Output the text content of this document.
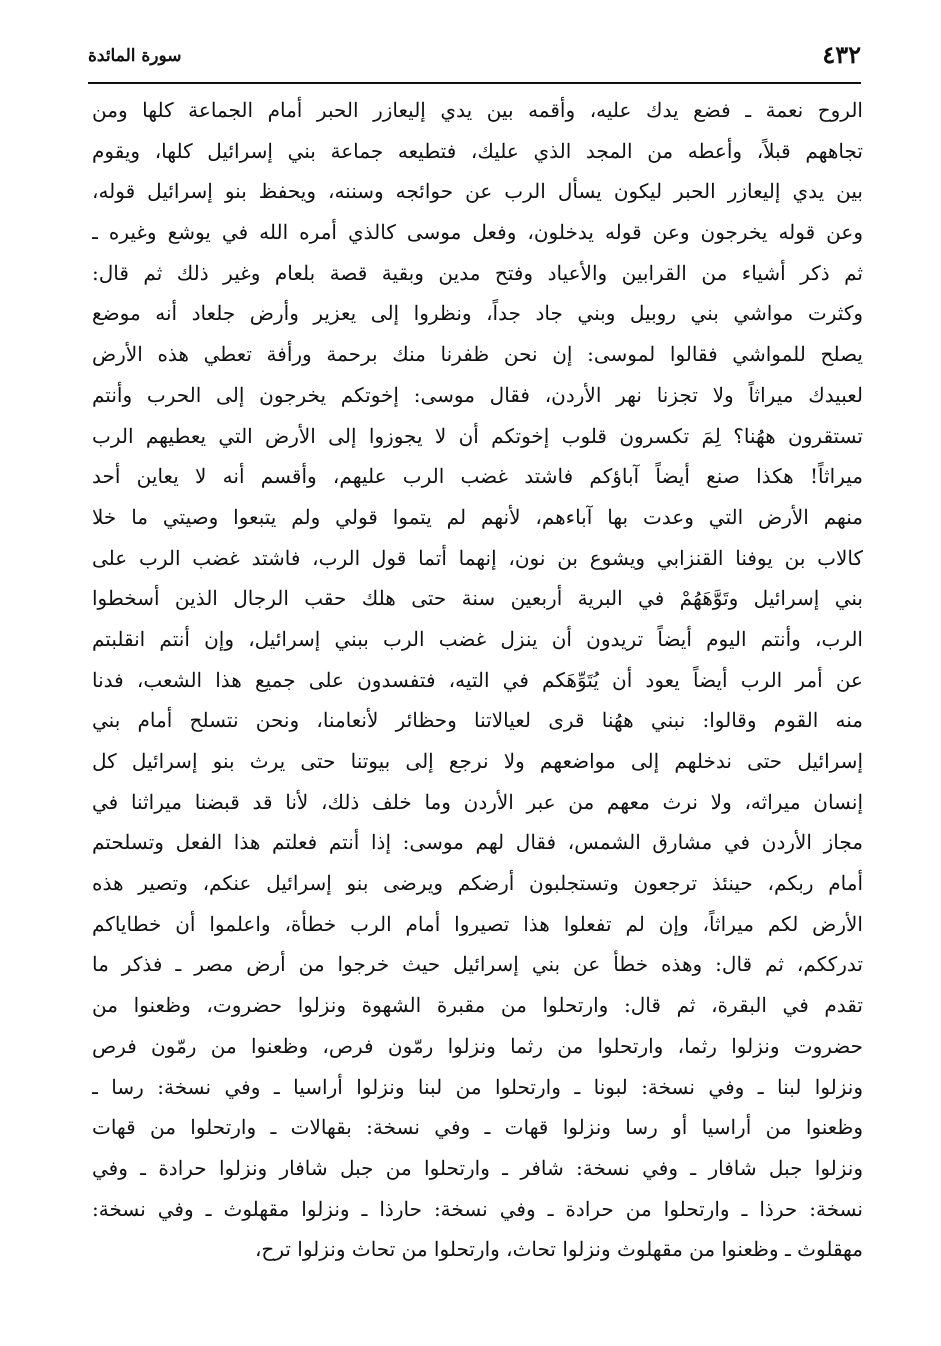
٤٣٢
سورة المائدة
الروح نعمة ـ فضع يدك عليه، وأقمه بين يدي إليعازر الحبر أمام الجماعة كلها ومن
تجاههم قبلاً، وأعطه من المجد الذي عليك، فتطيعه جماعة بني إسرائيل كلها، ويقوم
بين يدي إليعازر الحبر ليكون يسأل الرب عن حوائجه وسننه، ويحفظ بنو إسرائيل قوله،
وعن قوله يخرجون وعن قوله يدخلون، وفعل موسى كالذي أمره الله في يوشع وغيره ـ
ثم ذكر أشياء من القرابين والأعياد وفتح مدين وبقية قصة بلعام وغير ذلك ثم قال:
وكثرت مواشي بني روبيل وبني جاد جداً، ونظروا إلى يعزير وأرض جلعاد أنه موضع
يصلح للمواشي فقالوا لموسى: إن نحن ظفرنا منك برحمة ورأفة تعطي هذه الأرض
لعبيدك ميراثاً ولا تجزنا نهر الأردن، فقال موسى: إخوتكم يخرجون إلى الحرب وأنتم
تستقرون ههُنا؟ لِمَ تكسرون قلوب إخوتكم أن لا يجوزوا إلى الأرض التي يعطيهم الرب
ميراثاً! هكذا صنع أيضاً آباؤكم فاشتد غضب الرب عليهم، وأقسم أنه لا يعاين أحد
منهم الأرض التي وعدت بها آباءهم، لأنهم لم يتموا قولي ولم يتبعوا وصيتي ما خلا
كالاب بن يوفنا القنزابي ويشوع بن نون، إنهما أتما قول الرب، فاشتد غضب الرب على
بني إسرائيل وتَوَّهَهُمْ في البرية أربعين سنة حتى هلك حقب الرجال الذين أسخطوا
الرب، وأنتم اليوم أيضاً تريدون أن ينزل غضب الرب ببني إسرائيل، وإن أنتم انقلبتم
عن أمر الرب أيضاً يعود أن يُتَوِّهَكم في التيه، فتفسدون على جميع هذا الشعب، فدنا
منه القوم وقالوا: نبني ههُنا قرى لعيالاتنا وحظائر لأنعامنا، ونحن نتسلح أمام بني
إسرائيل حتى ندخلهم إلى مواضعهم ولا نرجع إلى بيوتنا حتى يرث بنو إسرائيل كل
إنسان ميراثه، ولا نرث معهم من عبر الأردن وما خلف ذلك، لأنا قد قبضنا ميراثنا في
مجاز الأردن في مشارق الشمس، فقال لهم موسى: إذا أنتم فعلتم هذا الفعل وتسلحتم
أمام ربكم، حينئذ ترجعون وتستجلبون أرضكم ويرضى بنو إسرائيل عنكم، وتصير هذه
الأرض لكم ميراثاً، وإن لم تفعلوا هذا تصيروا أمام الرب خطأة، واعلموا أن خطاياكم
تدرككم، ثم قال: وهذه خطأ عن بني إسرائيل حيث خرجوا من أرض مصر ـ فذكر ما
تقدم في البقرة، ثم قال: وارتحلوا من مقبرة الشهوة ونزلوا حضروت، وظعنوا من
حضروت ونزلوا رثما، وارتحلوا من رثما ونزلوا رمّون فرص، وظعنوا من رمّون فرص
ونزلوا لبنا ـ وفي نسخة: لبونا ـ وارتحلوا من لبنا ونزلوا أراسيا ـ وفي نسخة: رسا ـ
وظعنوا من أراسيا أو رسا ونزلوا قهات ـ وفي نسخة: بقهالات ـ وارتحلوا من قهات
ونزلوا جبل شافار ـ وفي نسخة: شافر ـ وارتحلوا من جبل شافار ونزلوا حرادة ـ وفي
نسخة: حرذا ـ وارتحلوا من حرادة ـ وفي نسخة: حارذا ـ ونزلوا مقهلوث ـ وفي نسخة:
مهقلوث ـ وظعنوا من مقهلوث ونزلوا تحاث، وارتحلوا من تحاث ونزلوا ترح،
